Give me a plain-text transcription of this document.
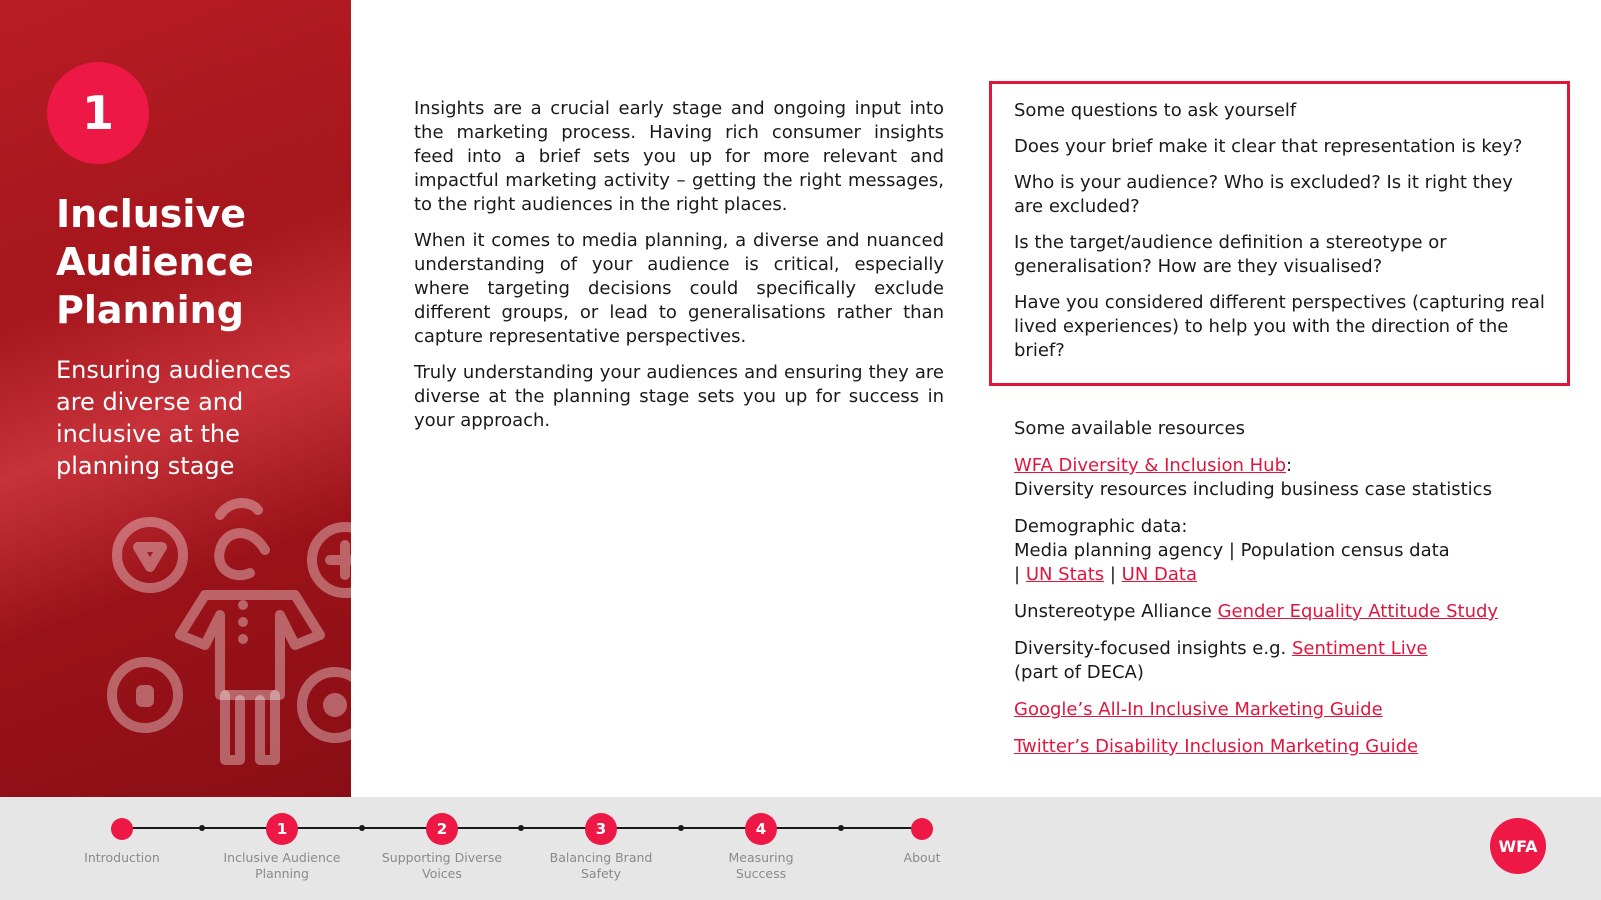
1
Inclusive
Audience
Planning
Ensuring audiences are diverse and inclusive at the planning stage

Insights are a crucial early stage and ongoing input into the marketing process. Having rich consumer insights feed into a brief sets you up for more relevant and impactful marketing activity – getting the right messages, to the right audiences in the right places.

When it comes to media planning, a diverse and nuanced understanding of your audience is critical, especially where targeting decisions could specifically exclude different groups, or lead to generalisations rather than capture representative perspectives.

Truly understanding your audiences and ensuring they are diverse at the planning stage sets you up for success in your approach.

Some questions to ask yourself

Does your brief make it clear that representation is key?

Who is your audience? Who is excluded? Is it right they are excluded?

Is the target/audience definition a stereotype or generalisation? How are they visualised?

Have you considered different perspectives (capturing real lived experiences) to help you with the direction of the brief?

Some available resources

WFA Diversity & Inclusion Hub:
Diversity resources including business case statistics

Demographic data:
Media planning agency | Population census data
| UN Stats | UN Data

Unstereotype Alliance Gender Equality Attitude Study

Diversity-focused insights e.g. Sentiment Live
(part of DECA)

Google’s All-In Inclusive Marketing Guide

Twitter’s Disability Inclusion Marketing Guide

1	2	3	4
Introduction	Inclusive Audience
Planning
Supporting Diverse
Voices
Balancing Brand
Safety
Measuring
Success
About
WFA
